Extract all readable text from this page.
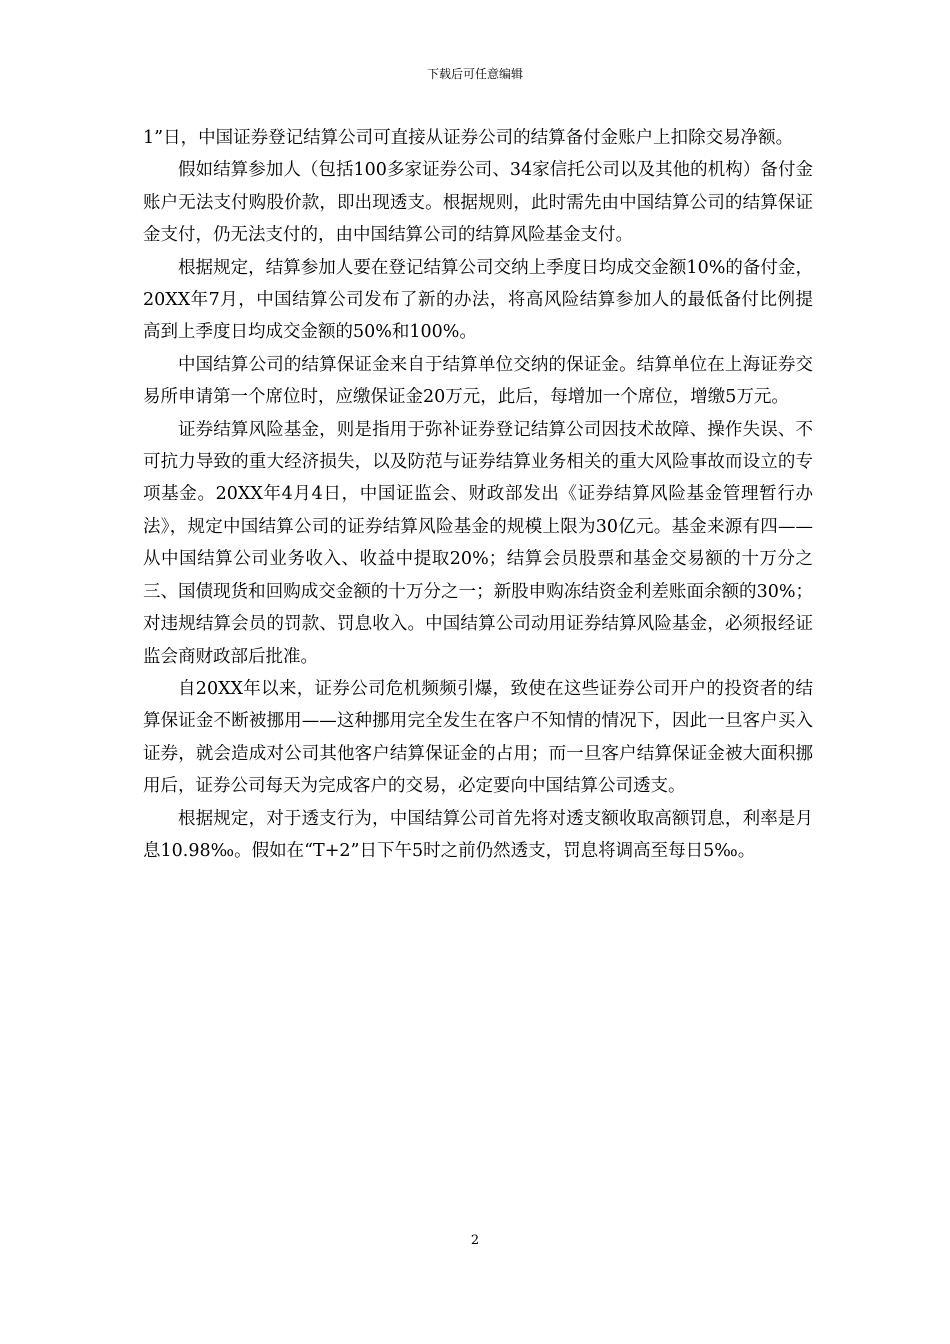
下载后可任意编辑

1”日，中国证券登记结算公司可直接从证券公司的结算备付金账户上扣除交易净额。

假如结算参加人（包括100多家证券公司、34家信托公司以及其他的机构）备付金账户无法支付购股价款，即出现透支。根据规则，此时需先由中国结算公司的结算保证金支付，仍无法支付的，由中国结算公司的结算风险基金支付。

根据规定，结算参加人要在登记结算公司交纳上季度日均成交金额10%的备付金，20XX年7月，中国结算公司发布了新的办法，将高风险结算参加人的最低备付比例提高到上季度日均成交金额的50%和100%。

中国结算公司的结算保证金来自于结算单位交纳的保证金。结算单位在上海证券交易所申请第一个席位时，应缴保证金20万元，此后，每增加一个席位，增缴5万元。

证券结算风险基金，则是指用于弥补证券登记结算公司因技术故障、操作失误、不可抗力导致的重大经济损失，以及防范与证券结算业务相关的重大风险事故而设立的专项基金。20XX年4月4日，中国证监会、财政部发出《证券结算风险基金管理暂行办法》，规定中国结算公司的证券结算风险基金的规模上限为30亿元。基金来源有四——从中国结算公司业务收入、收益中提取20%；结算会员股票和基金交易额的十万分之三、国债现货和回购成交金额的十万分之一；新股申购冻结资金利差账面余额的30%；对违规结算会员的罚款、罚息收入。中国结算公司动用证券结算风险基金，必须报经证监会商财政部后批准。

自20XX年以来，证券公司危机频频引爆，致使在这些证券公司开户的投资者的结算保证金不断被挪用——这种挪用完全发生在客户不知情的情况下，因此一旦客户买入证券，就会造成对公司其他客户结算保证金的占用；而一旦客户结算保证金被大面积挪用后，证券公司每天为完成客户的交易，必定要向中国结算公司透支。

根据规定，对于透支行为，中国结算公司首先将对透支额收取高额罚息，利率是月息10.98‰。假如在“T+2”日下午5时之前仍然透支，罚息将调高至每日5‰。

2
